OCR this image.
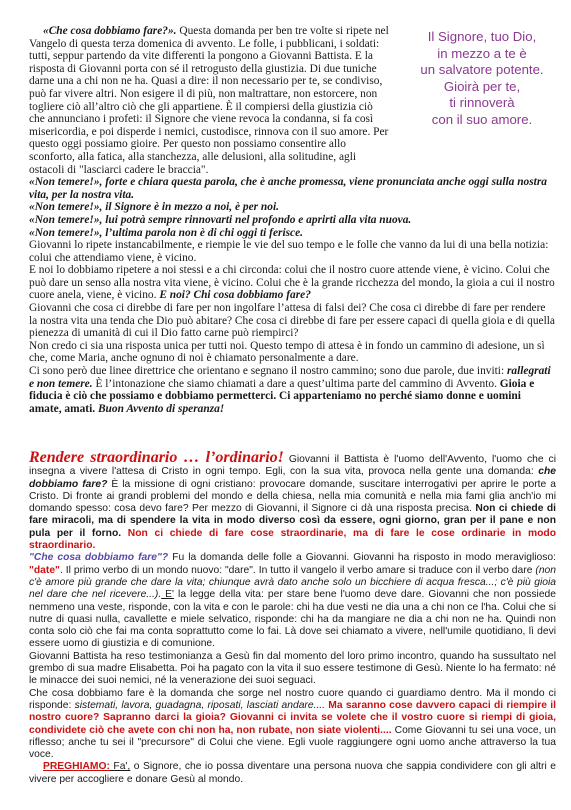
Il Signore, tuo Dio,
in mezzo a te è
un salvatore potente.
Gioirà per te,
ti rinnoverà
con il suo amore.

«Che cosa dobbiamo fare?». Questa domanda per ben tre volte si ripete nel Vangelo di questa terza domenica di avvento. Le folle, i pubblicani, i soldati: tutti, seppur partendo da vite differenti la pongono a Giovanni Battista. E la risposta di Giovanni porta con sé il retrogusto della giustizia. Di due tuniche darne una a chi non ne ha. Quasi a dire: il non necessario per te, se condiviso, può far vivere altri. Non esigere il di più, non maltrattare, non estorcere, non togliere ciò all’altro ciò che gli appartiene. È il compiersi della giustizia ciò che annunciano i profeti: il Signore che viene revoca la condanna, si fa così misericordia, e poi disperde i nemici, custodisce, rinnova con il suo amore. Per questo oggi possiamo gioire. Per questo non possiamo consentire allo sconforto, alla fatica, alla stanchezza, alle delusioni, alla solitudine, agli ostacoli di "lasciarci cadere le braccia".

«Non temere!», forte e chiara questa parola, che è anche promessa, viene pronunciata anche oggi sulla nostra vita, per la nostra vita.

«Non temere!», il Signore è in mezzo a noi, è per noi.

«Non temere!», lui potrà sempre rinnovarti nel profondo e aprirti alla vita nuova.

«Non temere!», l’ultima parola non è di chi oggi ti ferisce.

Giovanni lo ripete instancabilmente, e riempie le vie del suo tempo e le folle che vanno da lui di una bella notizia: colui che attendiamo viene, è vicino.

E noi lo dobbiamo ripetere a noi stessi e a chi circonda: colui che il nostro cuore attende viene, è vicino. Colui che può dare un senso alla nostra vita viene, è vicino. Colui che è la grande ricchezza del mondo, la gioia a cui il nostro cuore anela, viene, è vicino. E noi? Chi cosa dobbiamo fare?

Giovanni che cosa ci direbbe di fare per non ingolfare l’attesa di falsi dei? Che cosa ci direbbe di fare per rendere la nostra vita una tenda che Dio può abitare? Che cosa ci direbbe di fare per essere capaci di quella gioia e di quella pienezza di umanità di cui il Dio fatto carne può riempirci?

Non credo ci sia una risposta unica per tutti noi. Questo tempo di attesa è in fondo un cammino di adesione, un sì che, come Maria, anche ognuno di noi è chiamato personalmente a dare.

Ci sono però due linee direttrice che orientano e segnano il nostro cammino; sono due parole, due inviti: rallegrati e non temere. È l’intonazione che siamo chiamati a dare a quest’ultima parte del cammino di Avvento. Gioia e fiducia è ciò che possiamo e dobbiamo permetterci. Ci apparteniamo no perché siamo donne e uomini amate, amati. Buon Avvento di speranza!

Rendere straordinario … l’ordinario! Giovanni il Battista è l'uomo dell'Avvento, l'uomo che ci insegna a vivere l'attesa di Cristo in ogni tempo. Egli, con la sua vita, provoca nella gente una domanda: che dobbiamo fare? È la missione di ogni cristiano: provocare domande, suscitare interrogativi per aprire le porte a Cristo. Di fronte ai grandi problemi del mondo e della chiesa, nella mia comunità e nella mia fami glia anch'io mi domando spesso: cosa devo fare? Per mezzo di Giovanni, il Signore ci dà una risposta precisa. Non ci chiede di fare miracoli, ma di spendere la vita in modo diverso così da essere, ogni giorno, gran per il pane e non pula per il forno. Non ci chiede di fare cose straordinarie, ma di fare le cose ordinarie in modo straordinario.

"Che cosa dobbiamo fare"? Fu la domanda delle folle a Giovanni. Giovanni ha risposto in modo meraviglioso: "date". Il primo verbo di un mondo nuovo: "dare". In tutto il vangelo il verbo amare si traduce con il verbo dare (non c'è amore più grande che dare la vita; chiunque avrà dato anche solo un bicchiere di acqua fresca...; c'è più gioia nel dare che nel ricevere...). E' la legge della vita: per stare bene l'uomo deve dare. Giovanni che non possiede nemmeno una veste, risponde, con la vita e con le parole: chi ha due vesti ne dia una a chi non ce l'ha. Colui che si nutre di quasi nulla, cavallette e miele selvatico, risponde: chi ha da mangiare ne dia a chi non ne ha. Quindi non conta solo ciò che fai ma conta soprattutto come lo fai. Là dove sei chiamato a vivere, nell'umile quotidiano, lì devi essere uomo di giustizia e di comunione.

Giovanni Battista ha reso testimonianza a Gesù fin dal momento del loro primo incontro, quando ha sussultato nel grembo di sua madre Elisabetta. Poi ha pagato con la vita il suo essere testimone di Gesù. Niente lo ha fermato: né le minacce dei suoi nemici, né la venerazione dei suoi seguaci.

Che cosa dobbiamo fare è la domanda che sorge nel nostro cuore quando ci guardiamo dentro. Ma il mondo ci risponde: sistemati, lavora, guadagna, riposati, lasciati andare.... Ma saranno cose davvero capaci di riempire il nostro cuore? Sapranno darci la gioia? Giovanni ci invita se volete che il vostro cuore si riempi di gioia, condividete ciò che avete con chi non ha, non rubate, non siate violenti.... Come Giovanni tu sei una voce, un riflesso; anche tu sei il "precursore" di Colui che viene. Egli vuole raggiungere ogni uomo anche attraverso la tua voce.

PREGHIAMO: Fa', o Signore, che io possa diventare una persona nuova che sappia condividere con gli altri e vivere per accogliere e donare Gesù al mondo.
